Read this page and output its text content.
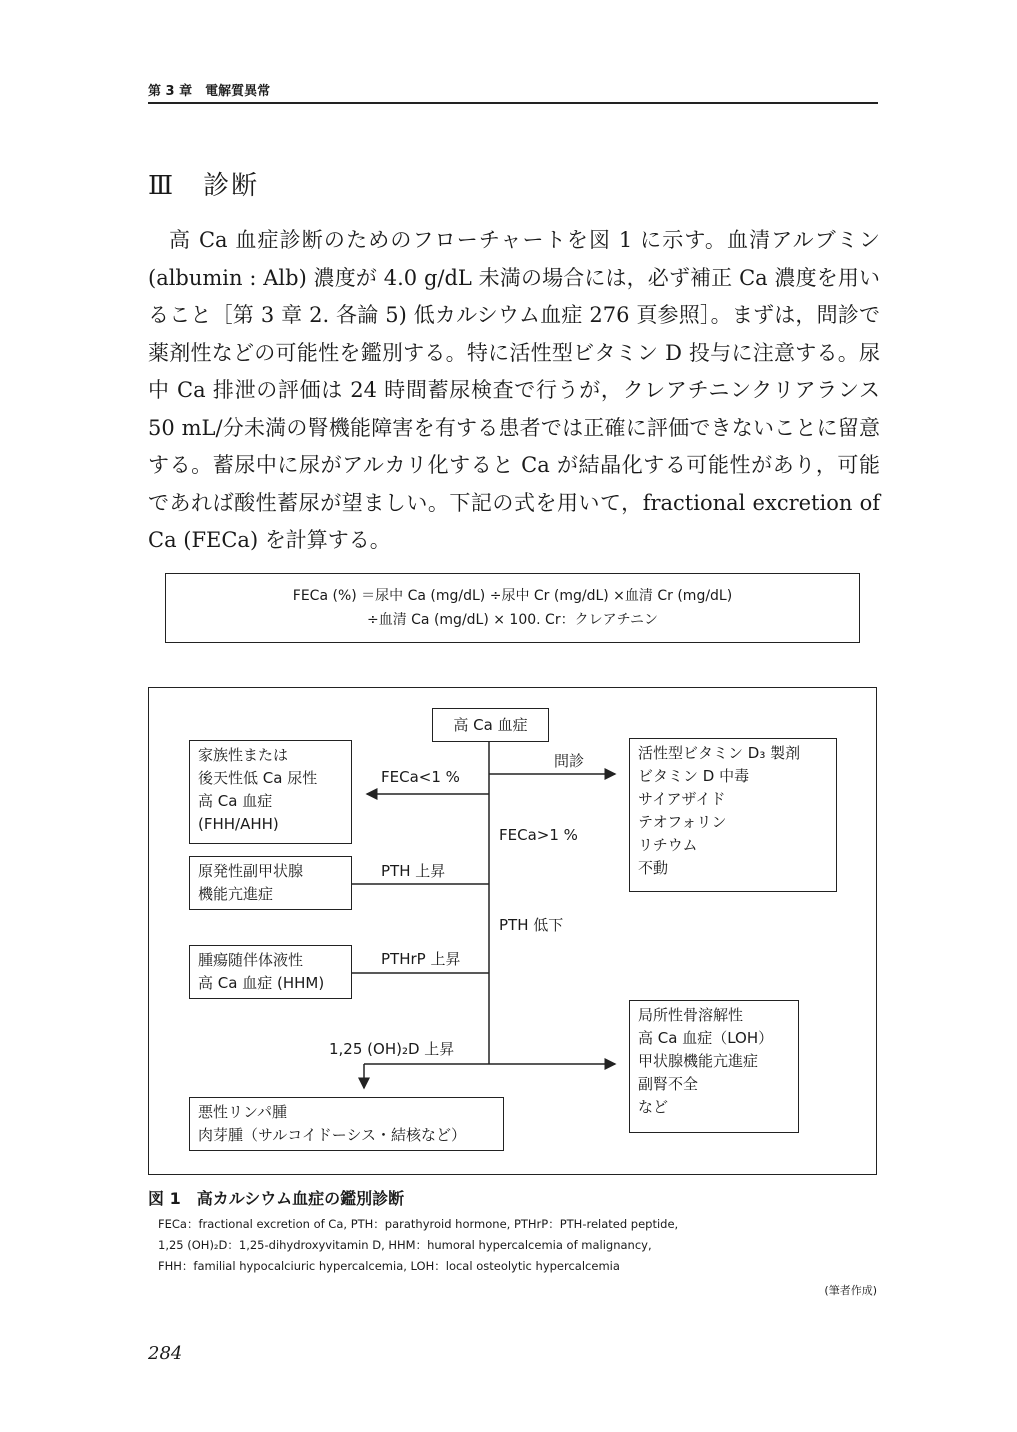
第 3 章　電解質異常
Ⅲ　診断

高 Ca 血症診断のためのフローチャートを図 1 に示す。血清アルブミン (albumin : Alb) 濃度が 4.0 g/dL 未満の場合には，必ず補正 Ca 濃度を用いること［第 3 章 2. 各論 5) 低カルシウム血症 276 頁参照］。まずは，問診で薬剤性などの可能性を鑑別する。特に活性型ビタミン D 投与に注意する。尿中 Ca 排泄の評価は 24 時間蓄尿検査で行うが，クレアチニンクリアランス 50 mL/分未満の腎機能障害を有する患者では正確に評価できないことに留意する。蓄尿中に尿がアルカリ化すると Ca が結晶化する可能性があり，可能であれば酸性蓄尿が望ましい。下記の式を用いて，fractional excretion of Ca (FECa) を計算する。

FECa (%) ＝尿中 Ca (mg/dL) ÷尿中 Cr (mg/dL) ×血清 Cr (mg/dL)
÷血清 Ca (mg/dL) × 100. Cr：クレアチニン
高 Ca 血症
問診
FECa<1 %
FECa>1 %
PTH 上昇
PTH 低下
PTHrP 上昇
1,25 (OH)₂D 上昇
家族性または
後天性低 Ca 尿性
高 Ca 血症
(FHH/AHH)
原発性副甲状腺
機能亢進症
腫瘍随伴体液性
高 Ca 血症 (HHM)
悪性リンパ腫
肉芽腫（サルコイドーシス・結核など）
活性型ビタミン D₃ 製剤
ビタミン D 中毒
サイアザイド
テオフォリン
リチウム
不動
局所性骨溶解性
高 Ca 血症（LOH）
甲状腺機能亢進症
副腎不全
など
図 1　高カルシウム血症の鑑別診断
FECa：fractional excretion of Ca, PTH：parathyroid hormone, PTHrP：PTH-related peptide,
1,25 (OH)₂D：1,25-dihydroxyvitamin D, HHM：humoral hypercalcemia of malignancy,
FHH：familial hypocalciuric hypercalcemia, LOH：local osteolytic hypercalcemia
(筆者作成)
284
